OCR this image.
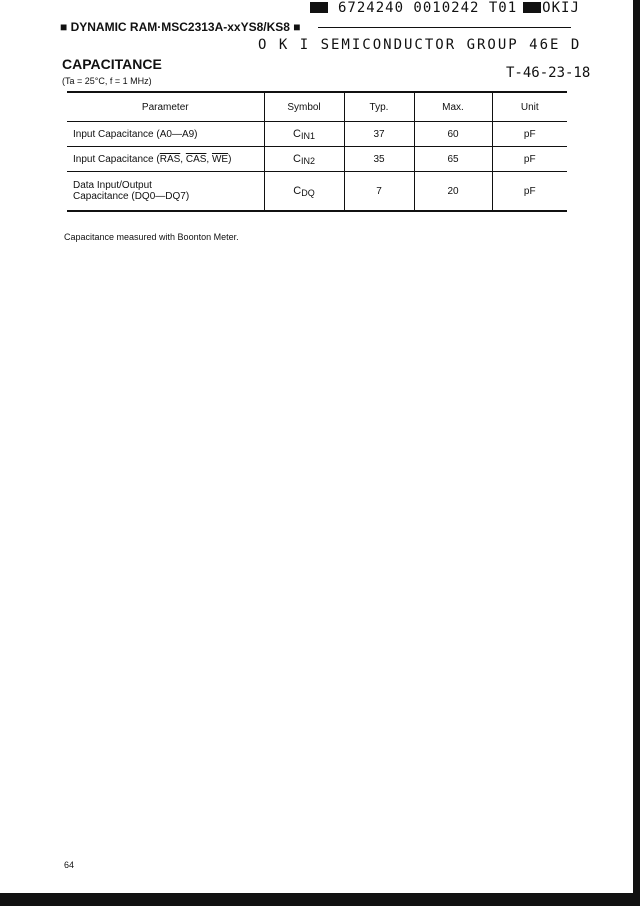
6724240 0010242 T01 OKIJ
■ DYNAMIC RAM·MSC2313A-xxYS8/KS8 ■
O K I SEMICONDUCTOR GROUP 46E D
CAPACITANCE
(Ta = 25°C, f = 1 MHz)	T-46-23-18
Parameter	Symbol	Typ.	Max.	Unit
Input Capacitance (A0—A9)	CIN1	37	60	pF
Input Capacitance ($\overline{RAS}$, $\overline{CAS}$, $\overline{WE}$)	CIN2	35	65	pF

Data Input/Output
Capacitance (DQ0—DQ7)	CDQ	7	20	pF
Capacitance measured with Boonton Meter.
64
